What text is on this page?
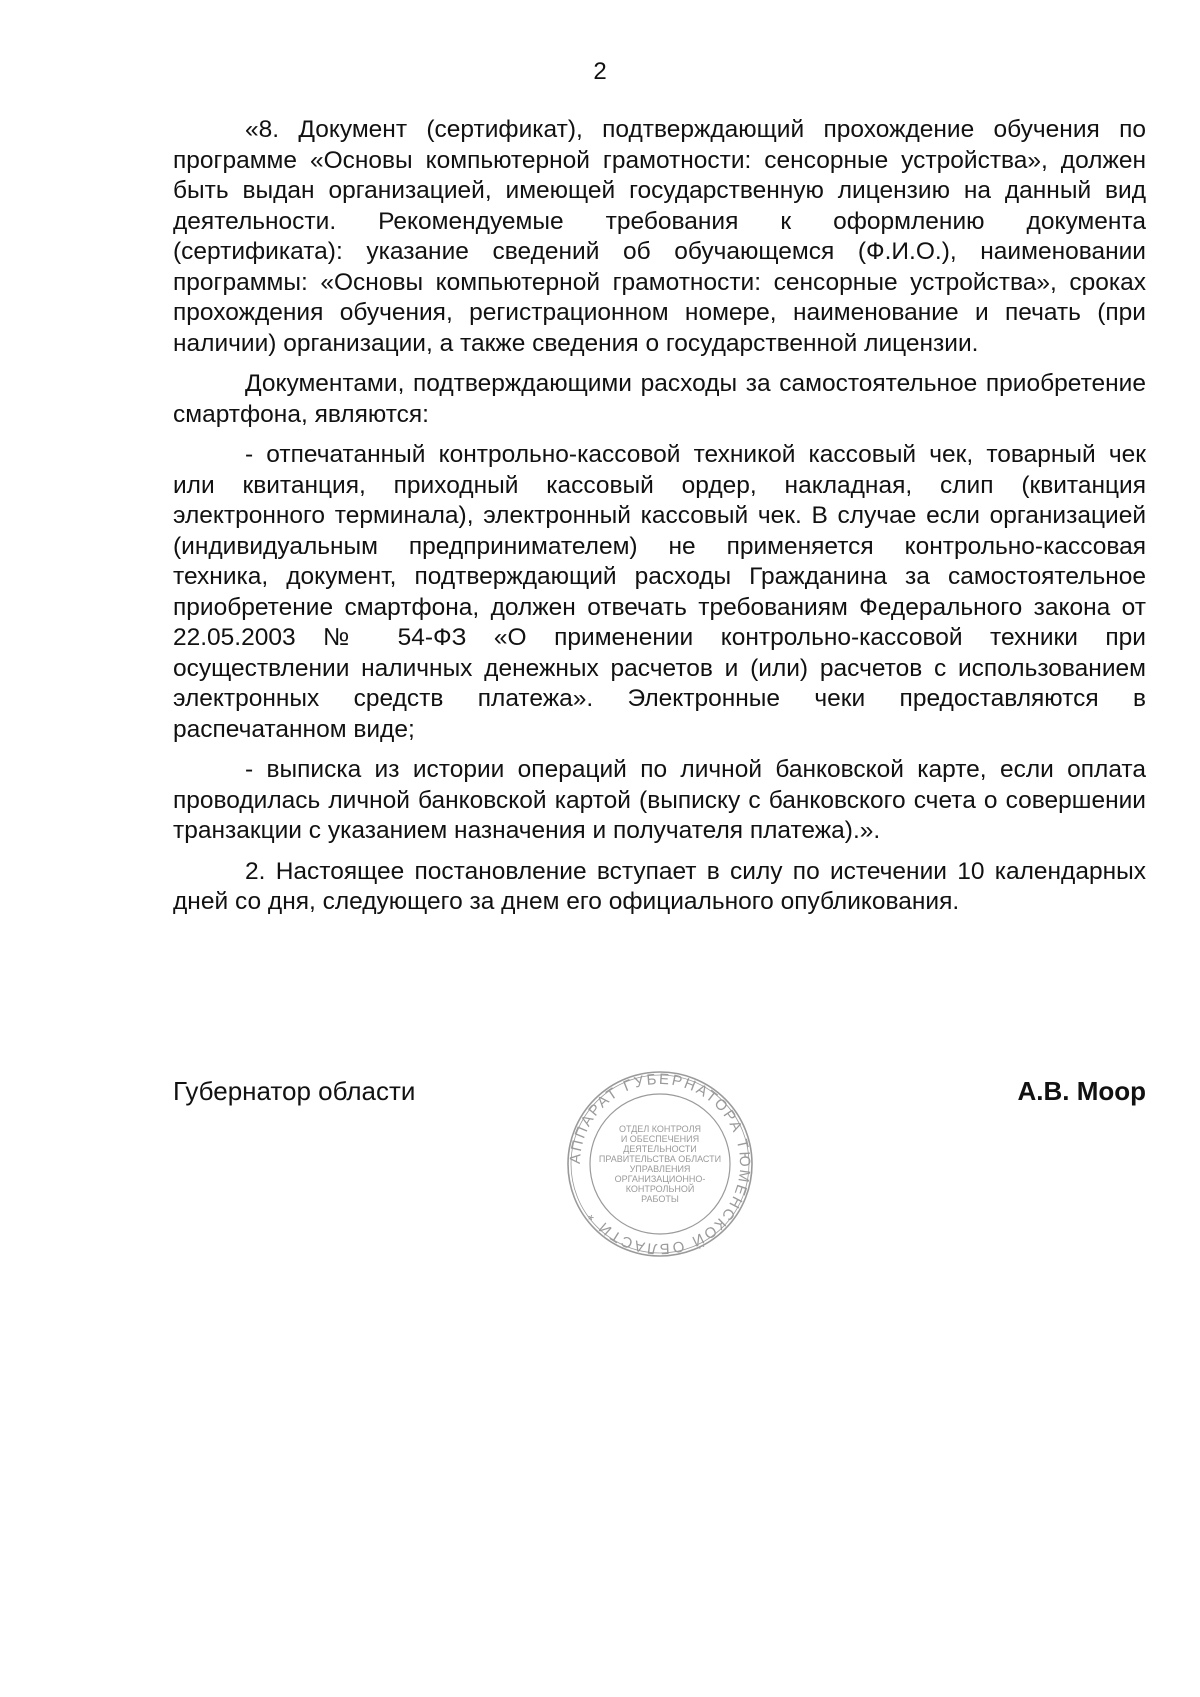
2

«8. Документ (сертификат), подтверждающий прохождение обучения по программе «Основы компьютерной грамотности: сенсорные устройства», должен быть выдан организацией, имеющей государственную лицензию на данный вид деятельности. Рекомендуемые требования к оформлению документа (сертификата): указание сведений об обучающемся (Ф.И.О.), наименовании программы: «Основы компьютерной грамотности: сенсорные устройства», сроках прохождения обучения, регистрационном номере, наименование и печать (при наличии) организации, а также сведения о государственной лицензии.

Документами, подтверждающими расходы за самостоятельное приобретение смартфона, являются:

- отпечатанный контрольно-кассовой техникой кассовый чек, товарный чек или квитанция, приходный кассовый ордер, накладная, слип (квитанция электронного терминала), электронный кассовый чек. В случае если организацией (индивидуальным предпринимателем) не применяется контрольно-кассовая техника, документ, подтверждающий расходы Гражданина за самостоятельное приобретение смартфона, должен отвечать требованиям Федерального закона от 22.05.2003 № 54-ФЗ «О применении контрольно-кассовой техники при осуществлении наличных денежных расчетов и (или) расчетов с использованием электронных средств платежа». Электронные чеки предоставляются в распечатанном виде;

- выписка из истории операций по личной банковской карте, если оплата проводилась личной банковской картой (выписку с банковского счета о совершении транзакции с указанием назначения и получателя платежа).».

2. Настоящее постановление вступает в силу по истечении 10 календарных дней со дня, следующего за днем его официального опубликования.

Губернатор области	А.В. Моор
АППАРАТ ГУБЕРНАТОРА ТЮМЕНСКОЙ ОБЛАСТИ *
ОТДЕЛ КОНТРОЛЯ
И ОБЕСПЕЧЕНИЯ
ДЕЯТЕЛЬНОСТИ
ПРАВИТЕЛЬСТВА ОБЛАСТИ
УПРАВЛЕНИЯ
ОРГАНИЗАЦИОННО-
КОНТРОЛЬНОЙ
РАБОТЫ
